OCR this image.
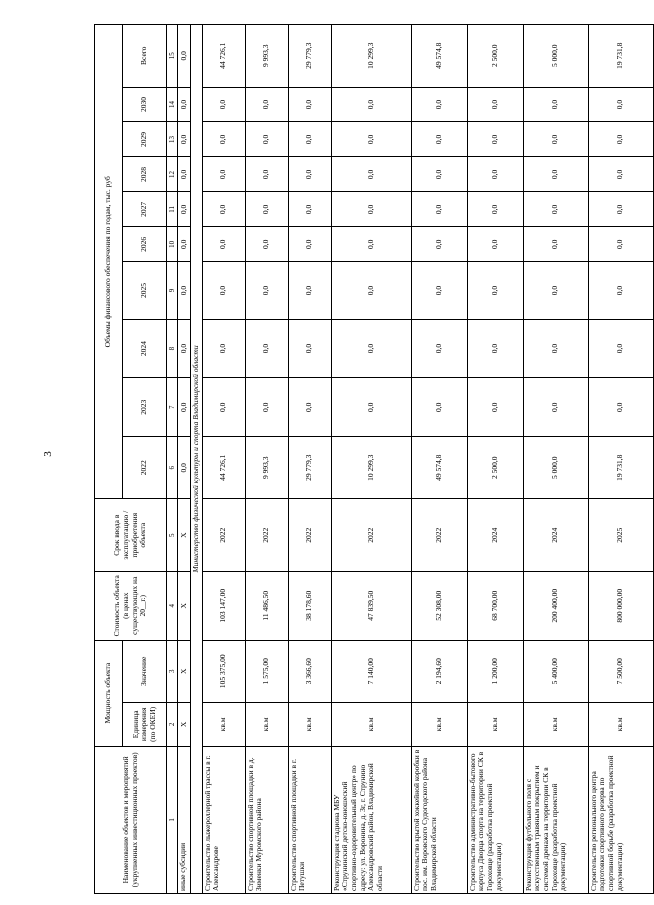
3
Наименование объектов и мероприятий (укрупненных инвестиционных проектов)	Мощность объекта		Стоимость объекта (в ценах существующих на 20__г.)	Срок ввода в эксплуатацию / приобретения объекта	Объемы финансового обеспечения по годам, тыс. руб									
	Единица измерения (по ОКЕИ)	Значение			2022	2023	2024	2025	2026	2027	2028	2029	2030	Всего
1	2	3	4	5	6	7	8	9	10	11	12	13	14	15
иные субсидии	Х	Х	Х	Х	0,0	0,0	0,0	0,0	0,0	0,0	0,0	0,0	0,0	0,0
Министерство физической культуры и спорта Владимирской области														
Строительство лыжероллерной трассы в г. Александрове	кв.м	105 375,00	103 147,00	2022	44 726,1	0,0	0,0	0,0	0,0	0,0	0,0	0,0	0,0	44 726,1
Строительство спортивной площадки в д. Зименки Муромского района	кв.м	1 575,00	11 486,50	2022	9 993,3	0,0	0,0	0,0	0,0	0,0	0,0	0,0	0,0	9 993,3
Строительство спортивной площадки в г. Петушки	кв.м	3 366,60	38 178,60	2022	29 779,3	0,0	0,0	0,0	0,0	0,0	0,0	0,0	0,0	29 779,3
Реконструкция стадиона МБУ «Струнинский детско-юношеский спортивно-оздоровительный центр» по адресу: ул. Воронина, д. 3г, г. Струнино Александровский район, Владимирской области	кв.м	7 140,00	47 839,50	2022	10 299,3	0,0	0,0	0,0	0,0	0,0	0,0	0,0	0,0	10 299,3
Строительство крытой хоккейной коробки в пос. им. Воровского Судогодского района Владимирской области	кв.м	2 194,60	52 308,00	2022	49 574,8	0,0	0,0	0,0	0,0	0,0	0,0	0,0	0,0	49 574,8
Строительство административно-бытового корпуса Дворца спорта на территории СК в Гороховце (разработка проектной документации)	кв.м	1 200,00	68 700,00	2024	2 500,0	0,0	0,0	0,0	0,0	0,0	0,0	0,0	0,0	2 500,0
Реконструкция футбольного поля с искусственным травяным покрытием и системой дренажа на территории СК в Гороховце (разработка проектной документации)	кв.м	5 400,00	200 400,00	2024	5 000,0	0,0	0,0	0,0	0,0	0,0	0,0	0,0	0,0	5 000,0
Строительство регионального центра подготовки спортивного резерва по спортивной борьбе (разработка проектной документации)	кв.м	7 500,00	800 000,00	2025	19 731,8	0,0	0,0	0,0	0,0	0,0	0,0	0,0	0,0	19 731,8
